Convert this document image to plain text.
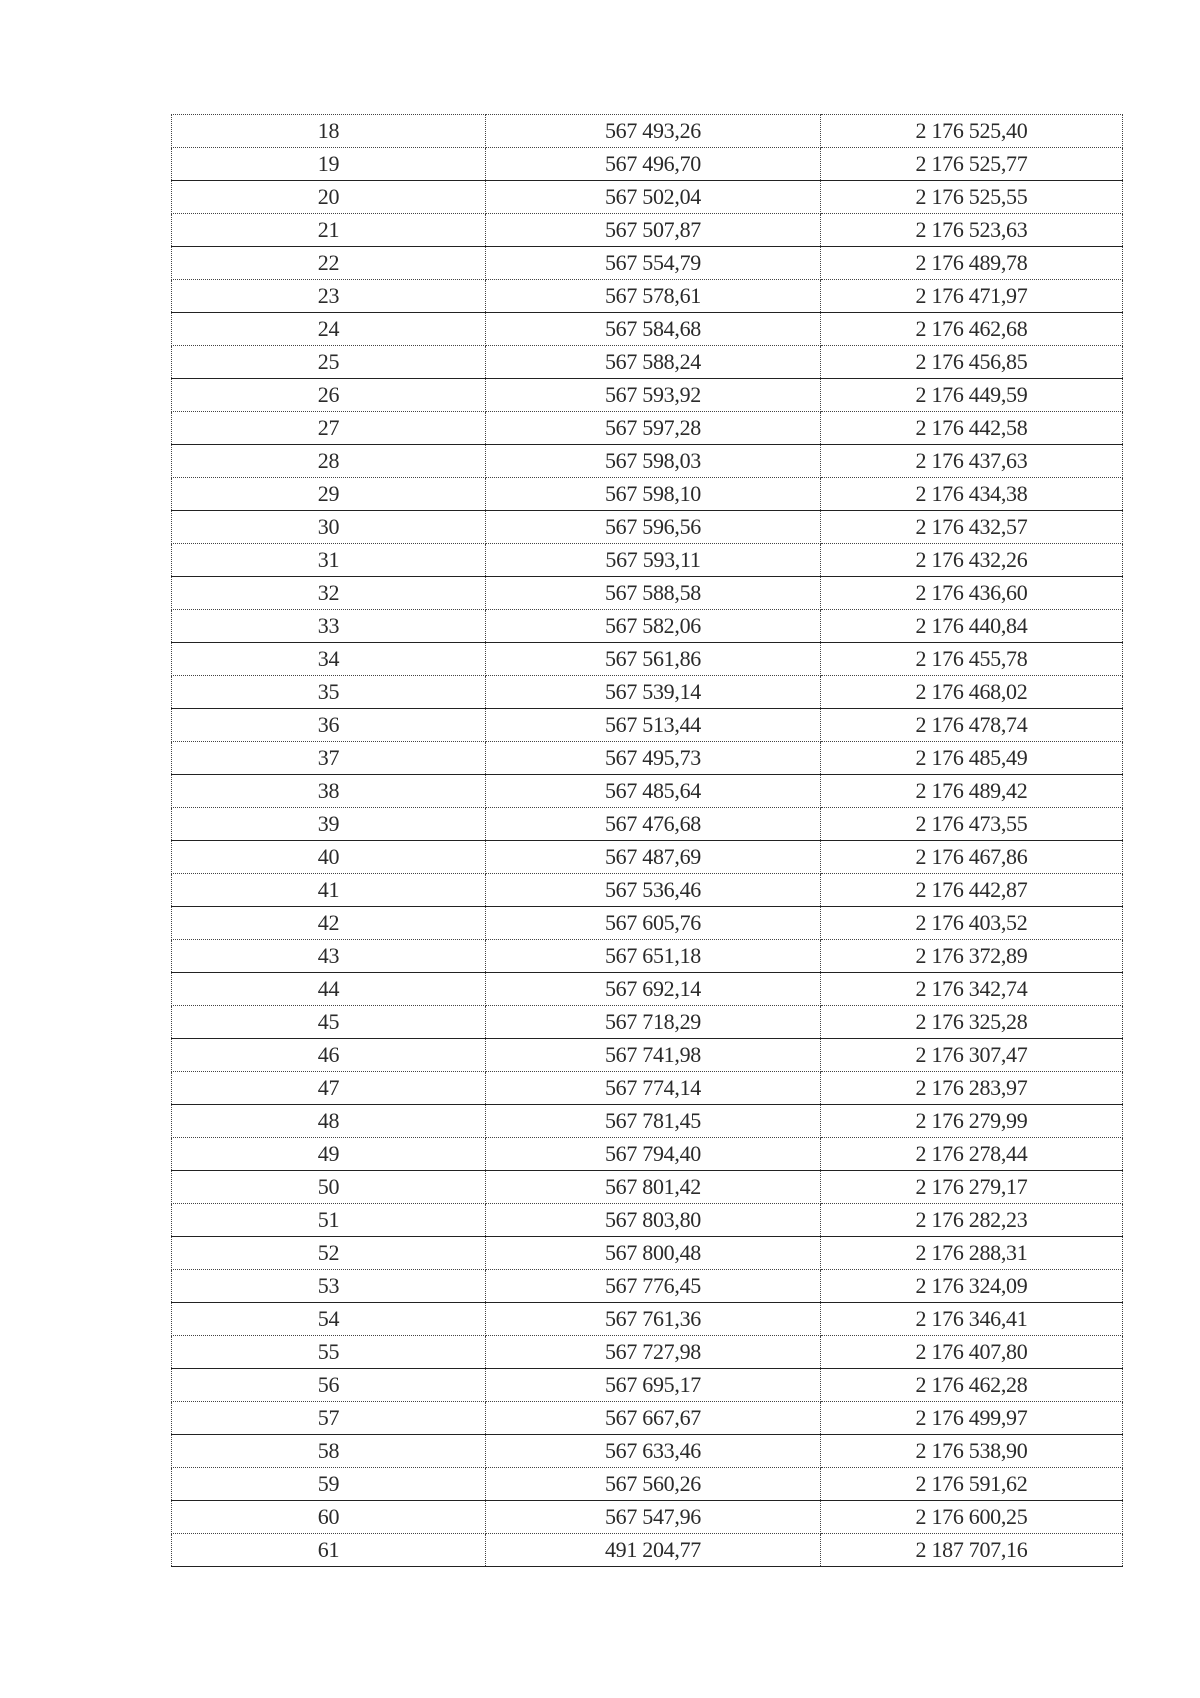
18	567 493,26	2 176 525,40
19	567 496,70	2 176 525,77
20	567 502,04	2 176 525,55
21	567 507,87	2 176 523,63
22	567 554,79	2 176 489,78
23	567 578,61	2 176 471,97
24	567 584,68	2 176 462,68
25	567 588,24	2 176 456,85
26	567 593,92	2 176 449,59
27	567 597,28	2 176 442,58
28	567 598,03	2 176 437,63
29	567 598,10	2 176 434,38
30	567 596,56	2 176 432,57
31	567 593,11	2 176 432,26
32	567 588,58	2 176 436,60
33	567 582,06	2 176 440,84
34	567 561,86	2 176 455,78
35	567 539,14	2 176 468,02
36	567 513,44	2 176 478,74
37	567 495,73	2 176 485,49
38	567 485,64	2 176 489,42
39	567 476,68	2 176 473,55
40	567 487,69	2 176 467,86
41	567 536,46	2 176 442,87
42	567 605,76	2 176 403,52
43	567 651,18	2 176 372,89
44	567 692,14	2 176 342,74
45	567 718,29	2 176 325,28
46	567 741,98	2 176 307,47
47	567 774,14	2 176 283,97
48	567 781,45	2 176 279,99
49	567 794,40	2 176 278,44
50	567 801,42	2 176 279,17
51	567 803,80	2 176 282,23
52	567 800,48	2 176 288,31
53	567 776,45	2 176 324,09
54	567 761,36	2 176 346,41
55	567 727,98	2 176 407,80
56	567 695,17	2 176 462,28
57	567 667,67	2 176 499,97
58	567 633,46	2 176 538,90
59	567 560,26	2 176 591,62
60	567 547,96	2 176 600,25
61	491 204,77	2 187 707,16
